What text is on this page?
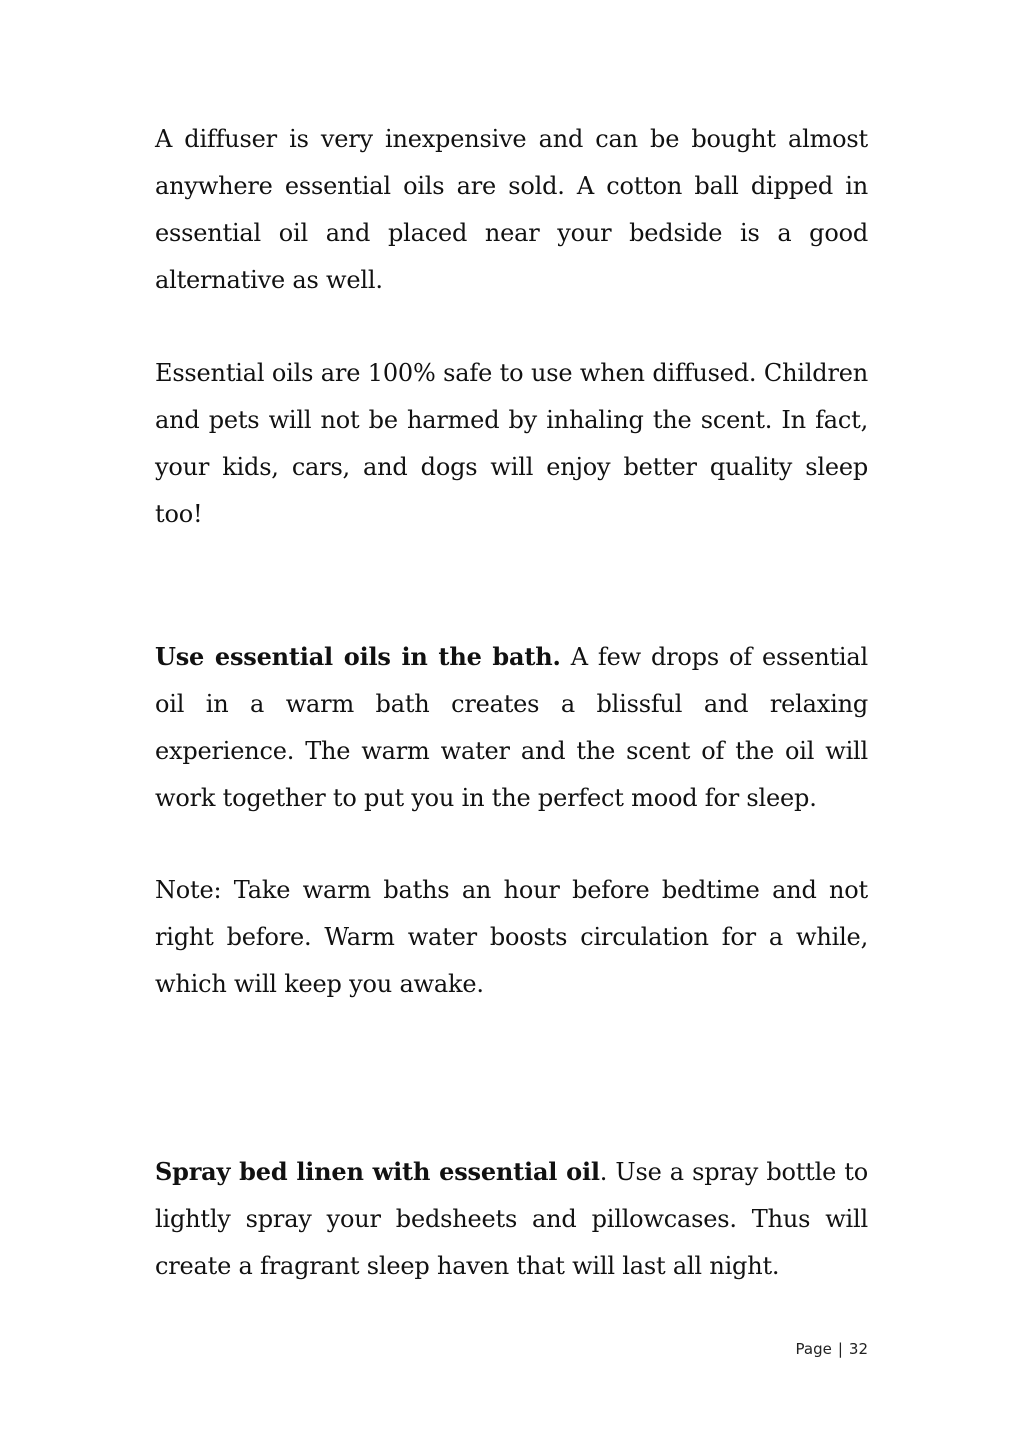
A diffuser is very inexpensive and can be bought almost anywhere essential oils are sold. A cotton ball dipped in essential oil and placed near your bedside is a good alternative as well.

Essential oils are 100% safe to use when diffused. Children and pets will not be harmed by inhaling the scent. In fact, your kids, cars, and dogs will enjoy better quality sleep too!

Use essential oils in the bath. A few drops of essential oil in a warm bath creates a blissful and relaxing experience. The warm water and the scent of the oil will work together to put you in the perfect mood for sleep.

Note: Take warm baths an hour before bedtime and not right before. Warm water boosts circulation for a while, which will keep you awake.

Spray bed linen with essential oil. Use a spray bottle to lightly spray your bedsheets and pillowcases. Thus will create a fragrant sleep haven that will last all night.

Page | 32
